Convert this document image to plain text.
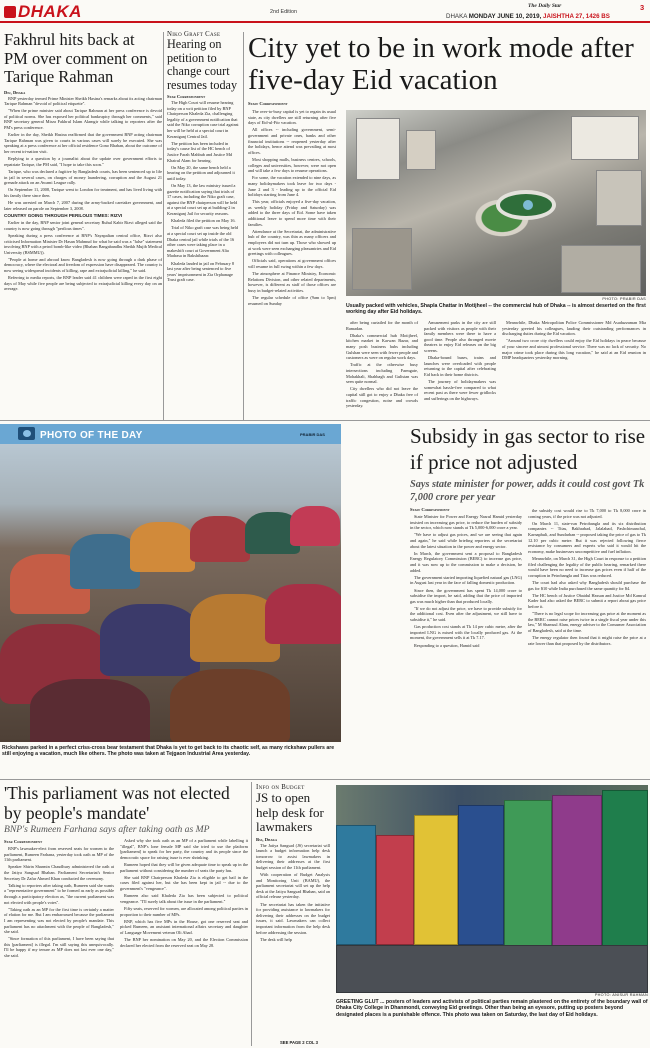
DHAKA	2nd Edition
The Daily Star	3
DHAKA MONDAY JUNE 10, 2019, JAISHTHA 27, 1426 BS
Fakhrul hits back at PM over comment on Tarique Rahman
Diu, Dhaka

BNP yesterday termed Prime Minister Sheikh Hasina's remarks about its acting chairman Tarique Rahman "devoid of political etiquette".

"When the prime minister said about Tarique Rahman at her press conference is devoid of political norms. She has exposed her political bankruptcy through her comments," said BNP secretary general Mirza Fakhrul Islam Alamgir while talking to reporters after the PM's press conference.

Earlier in the day, Sheikh Hasina reaffirmed that the government BNP acting chairman Tarique Rahman was given to courts in various cases will surely be executed. She was speaking at a press conference at her official residence Gono Bhaban, about the outcome of her recent tri-nation visit.

Replying to a question by a journalist about the update over government efforts to repatriate Tarique, the PM said, "I hope to take this soon."

Tarique, who was declared a fugitive by Bangladesh courts, has been sentenced up to life in jail in several cases, on charges of money laundering, corruption and the August 21 grenade attack on an Awami League rally.

On September 11, 2008, Tarique went to London for treatment, and has lived living with his family there since then.

He was arrested on March 7, 2007 during the army-backed caretaker government, and later released on parole on September 3, 2008.

COUNTRY GOING THROUGH PERILOUS TIMES: RIZVI

Earlier in the day, BNP senior joint general secretary Ruhul Kabir Rizvi alleged said the country is now going through "perilous times".

Speaking during a press conference at BNP's Nayapaltan central office, Rizvi also criticised Information Minister Dr Hasan Mahmud for what he said was a "false" statement involving BNP with a petrol bomb-like video (Bhaban Bangabandhu Sheikh Mujib Medical University (BSMMU)).

"People at home and abroad know Bangladesh is now going through a dark phase of democracy, where the electoral and freedom of expression have disappeared. The country is now seeing widespread incidents of killing, rape and extrajudicial killing," he said.

Referring to media reports, the BNP leader said 41 children were raped in the first eight days of May while five people are being subjected to extrajudicial killing every day on an average.

Niko Graft Case
Hearing on petition to change court resumes today
Star Correspondent

The High Court will resume hearing today on a writ petition filed by BNP Chairperson Khaleda Zia, challenging legality of a government notification that said the Niko corruption case trial against her will be held at a special court in Keraniganj Central Jail.

The petition has been included in today's cause list of the HC bench of Justice Farah Mahbub and Justice Md Khairul Alam for hearing.

On May 20, the same bench held a hearing on the petition and adjourned it until today.

On May 13, the law ministry issued a gazette notification saying that trials of 17 cases, including the Niko graft case, against the BNP chairperson will be held at a special court set up at building-2 in Keraniganj Jail for security reasons.

Khaleda filed the petition on May 16.

Trial of Niko graft case was being held at a special court set up inside the old Dhaka central jail while trials of the 16 other cases were taking place in a makeshift court at Government Alia Madrasa in Bakshibazar.

Khaleda landed in jail on February 8 last year after being sentenced to five years' imprisonment in Zia Orphanage Trust graft case.

City yet to be in work mode after five-day Eid vacation
Staff Correspondent

The over-to-busy capital is yet to regain its usual state, as city dwellers are still returning after five days of Eid-ul-Fitr vacation.

All offices -- including government, semi-government and private ones, banks and other financial institutions -- reopened yesterday after the holidays, hence attend was prevailing at most offices.

Most shopping malls, business centres, schools, colleges and universities, however, were not open and will take a few days to resume operations.

For some, the vacation extended to nine days, as many holidaymakers took leave for two days - June 2 and 3 - leading up to the official Eid holidays starting from June 4.

This year, officials enjoyed a five-day vacation, as weekly holiday (Friday and Saturday) was added to the three days of Eid. Some have taken additional leave to spend more time with their families.

Attendance at the Secretariat, the administrative hub of the country, was thin as many officers and employees did not turn up. Those who showed up at work were seen exchanging pleasantries and Eid greetings with colleagues.

Officials said, operations at government offices will resume in full swing within a few days.

The atmosphere at Finance Ministry, Economic Relations Division, and other related departments, however, is different as staff of those offices are busy in budget-related activities.

The regular schedule of office (9am to 5pm) resumed on Sunday

PHOTO: PRABIR DAS
Usually packed with vehicles, Shapla Chattar in Motijheel -- the commercial hub of Dhaka -- is almost deserted on the first working day after Eid holidays.

after being curtailed for the month of Ramadan.

Dhaka's commercial hub Motijheel, kitchen market in Karwan Bazar, and many posh business hubs including Gulshan were seen with fewer people and customers as were on regular work days.

Traffic at the otherwise busy intersections including Farmgate, Mohakhali, Shahbagh and Gulistan was seen quite normal.

City dwellers who did not leave the capital still got to enjoy a Dhaka free of traffic congestion, noise and crowds yesterday.

Amusement parks in the city are still packed with visitors as people with their family members were there to have a good time. People also thronged movie theatres to enjoy Eid releases on the big screens.

Dhaka-bound buses, trains and launches were overloaded with people returning to the capital after celebrating Eid back in their home districts.

The journey of holidaymakers was somewhat hassle-free compared to what recent past as there were fewer gridlocks and sufferings on the highways.

Meanwhile, Dhaka Metropolitan Police Commissioner Md Asaduzzaman Mia yesterday greeted his colleagues, lauding their outstanding performances in discharging duties during the Eid vacation.

"Around two crore city dwellers could enjoy the Eid holidays in peace because of your sincere and utmost professional service. There was no lack of security. No major crime took place during this long vacation," he said at an Eid reunion in DMP headquarters yesterday morning.

PHOTO OF THE DAY	PRABIR DAS
Rickshaws parked in a perfect criss-cross bear testament that Dhaka is yet to get back to its chaotic self, as many rickshaw pullers are still enjoying a vacation, much like others. The photo was taken at Tejgaon Industrial Area yesterday.
Subsidy in gas sector to rise if price not adjusted
Says state minister for power, adds it could cost govt Tk 7,000 crore per year
Staff Correspondent

State Minister for Power and Energy Nasrul Hamid yesterday insisted on increasing gas price, to reduce the burden of subsidy in the sector, which now stands at Tk 5,000-6,000 crore a year.

"We have to adjust gas prices, and we are seeing that again and again," he said while briefing reporters at the secretariat about the latest situation in the power and energy sector.

In March, the government sent a proposal to Bangladesh Energy Regulatory Commission (BERC) to increase gas price, and it was now up to the commission to make a decision, he added.

The government started importing liquefied natural gas (LNG) in August last year in the face of falling domestic production.

Since then, the government has spent Tk 14,000 crore to subsidise the import, he said, adding that the price of imported gas was much higher than that produced locally.

"If we do not adjust the price, we have to provide subsidy for the additional cost. Even after the adjustment, we still have to subsidise it," he said.

Gas production cost stands at Tk 14 per cubic metre, after the imported LNG is mixed with the locally produced gas. At the moment, the government sells it at Tk 7.17.

Responding to a question, Hamid said

the subsidy cost would rise to Tk 7,000 to Tk 8,000 crore in coming years, if the price was not adjusted.

On March 11, state-run Petrobangla and its six distribution companies -- Titas, Bakhrabad, Jalalabad, Pashchimanchal, Karnaphuli, and Sundarban -- proposed taking the price of gas to Tk 12.10 per cubic metre. But it was rejected following fierce resistance by consumers and experts who said it would hit the economy, make businesses uncompetitive and fuel inflation.

Meanwhile, on March 31, the High Court in response to a petition filed challenging the legality of the public hearing, remarked there would have been no need to increase gas prices even if half of the corruption in Petrobangla and Titas was reduced.

The court had also asked why Bangladesh should purchase the gas for $10 while India purchased the same quantity for $4.

The HC bench of Justice Obaidul Hassan and Justice Md Kamrul Kader had also asked the BERC to submit a report about gas price before it.

"There is no legal scope for increasing gas price at the moment as the BERC cannot raise prices twice in a single fiscal year under this law," M Shamsul Alam, energy adviser to the Consumer Association of Bangladesh, said at the time.

The energy regulator then found that it might raise the price at a rate lower than that proposed by the distributors.

'This parliament was not elected by people's mandate'
BNP's Rumeen Farhana says after taking oath as MP
Star Correspondent

BNP's lawmaker-elect from reserved seats for women to the parliament, Rumeen Farhana, yesterday took oath as MP of the 11th parliament.

Speaker Shirin Sharmin Chaudhury administered the oath at the Jatiya Sangsad Bhaban. Parliament Secretariat's Senior Secretary Dr Zafar Ahmed Khan conducted the ceremony.

Talking to reporters after taking oath, Rumeen said she wants a "representative government" to be formed as early as possible through a participatory election as, "the current parliament was not elected with people's votes".

"Taking oath as an MP for the first time is certainly a matter of elation for me. But I am embarrassed because the parliament I am representing was not elected by people's mandate. This parliament has no attachment with the people of Bangladesh," she said.

"Since formation of this parliament, I have been saying that this [parliament] is illegal. I'm still saying this unequivocally. I'll be happy if my tenure as MP does not last ever one day," she said.

Asked why she took oath as an MP of a parliament while labelling it "illegal", BNP's lone female MP said she tried to use the platform [parliament] to speak for her party, the country and its people since the democratic space for raising issue is ever shrinking.

Rumeen hoped that they will be given adequate time to speak up in the parliament without considering the number of seats the party has.

She said BNP Chairperson Khaleda Zia is eligible to get bail in the cases filed against her, but she has been kept in jail -- due to the government's "vengeance".

Rumeen also said Khaleda Zia has been subjected to political vengeance. "I'll surely talk about the issue in the parliament."

Fifty seats, reserved for women, are allocated among political parties in proportion to their number of MPs.

BNP, which has five MPs in the House, got one reserved seat and picked Rumeen, an assistant international affairs secretary and daughter of Language Movement veteran Oli Ahad.

The BNP her nomination on May 20, and the Election Commission declared her elected from the reserved seat on May 28.

Info on Budget
JS to open help desk for lawmakers
Bss, Dhaka

The Jatiya Sangsad (JS) secretariat will launch a budget information help desk tomorrow to assist lawmakers in delivering their addresses at the first budget session of the 11th parliament.

With cooperation of Budget Analysis and Monitoring Unit (BAMU), the parliament secretariat will set up the help desk at the Jatiya Sangsad Bhaban, said an official release yesterday.

The secretariat has taken the initiative for providing assistance to lawmakers for delivering their addresses on the budget issues, it said. Lawmakers can collect important information from the help desk before addressing the session.

The desk will help

SEE PAGE 2 COL 3
PHOTO: ANISUR RAHMAN
GREETING GLUT ... posters of leaders and activists of political parties remain plastered on the entirety of the boundary wall of Dhaka City College in Dhanmondi, conveying Eid greetings. Other than being an eyesore, putting up posters beyond designated places is a punishable offence. This photo was taken on Saturday, the last day of Eid holidays.
